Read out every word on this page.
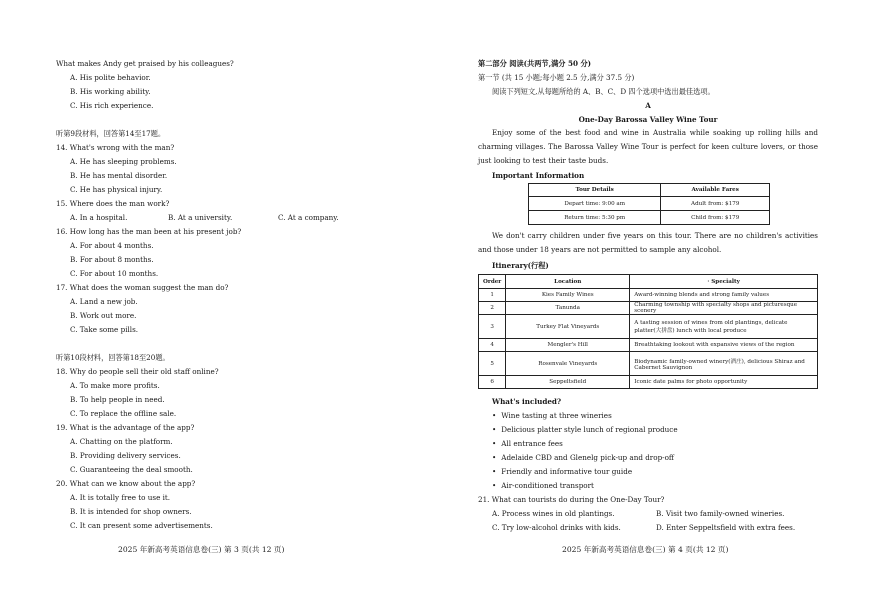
What makes Andy get praised by his colleagues?
A. His polite behavior.
B. His working ability.
C. His rich experience.
听第9段材料，回答第14至17题。
14. What's wrong with the man?
A. He has sleeping problems.
B. He has mental disorder.
C. He has physical injury.
15. Where does the man work?
A. In a hospital.	B. At a university.	C. At a company.
16. How long has the man been at his present job?
A. For about 4 months.
B. For about 8 months.
C. For about 10 months.
17. What does the woman suggest the man do?
A. Land a new job.
B. Work out more.
C. Take some pills.
听第10段材料，回答第18至20题。
18. Why do people sell their old staff online?
A. To make more profits.
B. To help people in need.
C. To replace the offline sale.
19. What is the advantage of the app?
A. Chatting on the platform.
B. Providing delivery services.
C. Guaranteeing the deal smooth.
20. What can we know about the app?
A. It is totally free to use it.
B. It is intended for shop owners.
C. It can present some advertisements.
2025 年新高考英语信息卷(三) 第 3 页(共 12 页)
第二部分 阅读(共两节,满分 50 分)
第一节 (共 15 小题;每小题 2.5 分,满分 37.5 分)
阅读下列短文,从每题所给的 A、B、C、D 四个选项中选出最佳选项。
A
One-Day Barossa Valley Wine Tour

Enjoy some of the best food and wine in Australia while soaking up rolling hills and charming villages. The Barossa Valley Wine Tour is perfect for keen culture lovers, or those just looking to test their taste buds.

Important Information
Tour Details	Available Fares
Depart time: 9:00 am	Adult from: $179
Return time: 5:30 pm	Child from: $179

We don't carry children under five years on this tour. There are no children's activities and those under 18 years are not permitted to sample any alcohol.

Itinerary(行程)
Order	Location	· Specialty
1	Kies Family Wines	Award-winning blends and strong family values
2	Tanunda	Charming township with specialty shops and picturesque scenery
3	Turkey Flat Vineyards	A tasting session of wines from old plantings, delicate platter(大拼盘) lunch with local produce
4	Mengler's Hill	Breathtaking lookout with expansive views of the region
5	Rosenvale Vineyards	Biodynamic family-owned winery(酒庄), delicious Shiraz and Cabernet Sauvignon
6	Seppeltsfield	Iconic date palms for photo opportunity
What's included?
• Wine tasting at three wineries
• Delicious platter style lunch of regional produce
• All entrance fees
• Adelaide CBD and Glenelg pick-up and drop-off
• Friendly and informative tour guide
• Air-conditioned transport
21. What can tourists do during the One-Day Tour?
A. Process wines in old plantings.	B. Visit two family-owned wineries.
C. Try low-alcohol drinks with kids.	D. Enter Seppeltsfield with extra fees.
2025 年新高考英语信息卷(三) 第 4 页(共 12 页)
